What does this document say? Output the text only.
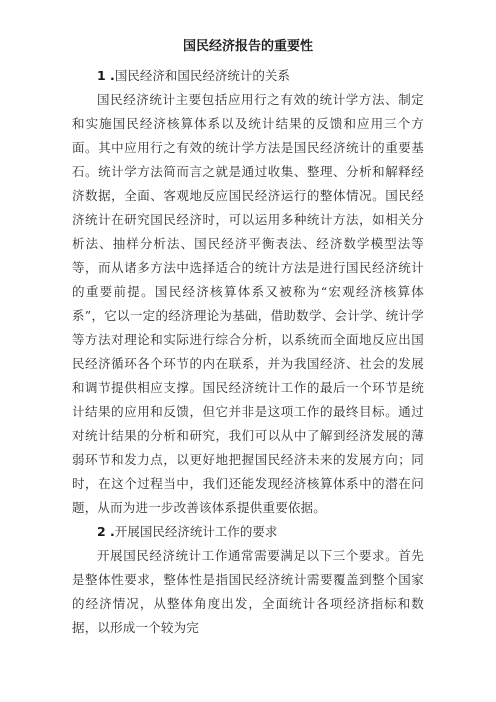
国民经济报告的重要性
1 .国民经济和国民经济统计的关系

国民经济统计主要包括应用行之有效的统计学方法、制定和实施国民经济核算体系以及统计结果的反馈和应用三个方面。其中应用行之有效的统计学方法是国民经济统计的重要基石。统计学方法简而言之就是通过收集、整理、分析和解释经济数据，全面、客观地反应国民经济运行的整体情况。国民经济统计在研究国民经济时，可以运用多种统计方法，如相关分析法、抽样分析法、国民经济平衡表法、经济数学模型法等等，而从诸多方法中选择适合的统计方法是进行国民经济统计的重要前提。国民经济核算体系又被称为“宏观经济核算体系”，它以一定的经济理论为基础，借助数学、会计学、统计学等方法对理论和实际进行综合分析，以系统而全面地反应出国民经济循环各个环节的内在联系，并为我国经济、社会的发展和调节提供相应支撑。国民经济统计工作的最后一个环节是统计结果的应用和反馈，但它并非是这项工作的最终目标。通过对统计结果的分析和研究，我们可以从中了解到经济发展的薄弱环节和发力点，以更好地把握国民经济未来的发展方向；同时，在这个过程当中，我们还能发现经济核算体系中的潜在问题，从而为进一步改善该体系提供重要依据。

2 .开展国民经济统计工作的要求

开展国民经济统计工作通常需要满足以下三个要求。首先是整体性要求，整体性是指国民经济统计需要覆盖到整个国家的经济情况，从整体角度出发，全面统计各项经济指标和数据，以形成一个较为完
